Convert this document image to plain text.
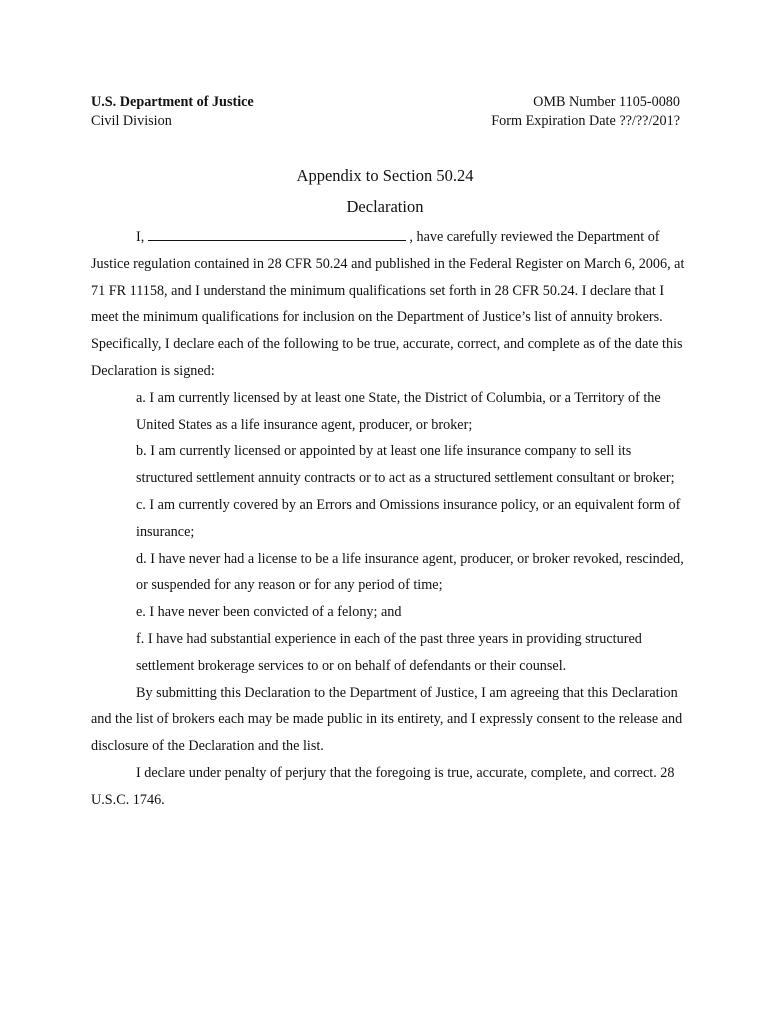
U.S. Department of Justice	OMB Number 1105-0080
Civil Division	Form Expiration Date ??/??/201?
Appendix to Section 50.24
Declaration

I,	, have carefully reviewed the Department of Justice regulation contained in 28 CFR 50.24 and published in the Federal Register on March 6, 2006, at 71 FR 11158, and I understand the minimum qualifications set forth in 28 CFR 50.24. I declare that I meet the minimum qualifications for inclusion on the Department of Justice’s list of annuity brokers. Specifically, I declare each of the following to be true, accurate, correct, and complete as of the date this Declaration is signed:

a. I am currently licensed by at least one State, the District of Columbia, or a Territory of the United States as a life insurance agent, producer, or broker;

b. I am currently licensed or appointed by at least one life insurance company to sell its structured settlement annuity contracts or to act as a structured settlement consultant or broker;

c. I am currently covered by an Errors and Omissions insurance policy, or an equivalent form of insurance;

d. I have never had a license to be a life insurance agent, producer, or broker revoked, rescinded, or suspended for any reason or for any period of time;

e. I have never been convicted of a felony; and

f. I have had substantial experience in each of the past three years in providing structured settlement brokerage services to or on behalf of defendants or their counsel.

By submitting this Declaration to the Department of Justice, I am agreeing that this Declaration and the list of brokers each may be made public in its entirety, and I expressly consent to the release and disclosure of the Declaration and the list.

I declare under penalty of perjury that the foregoing is true, accurate, complete, and correct. 28 U.S.C. 1746.
